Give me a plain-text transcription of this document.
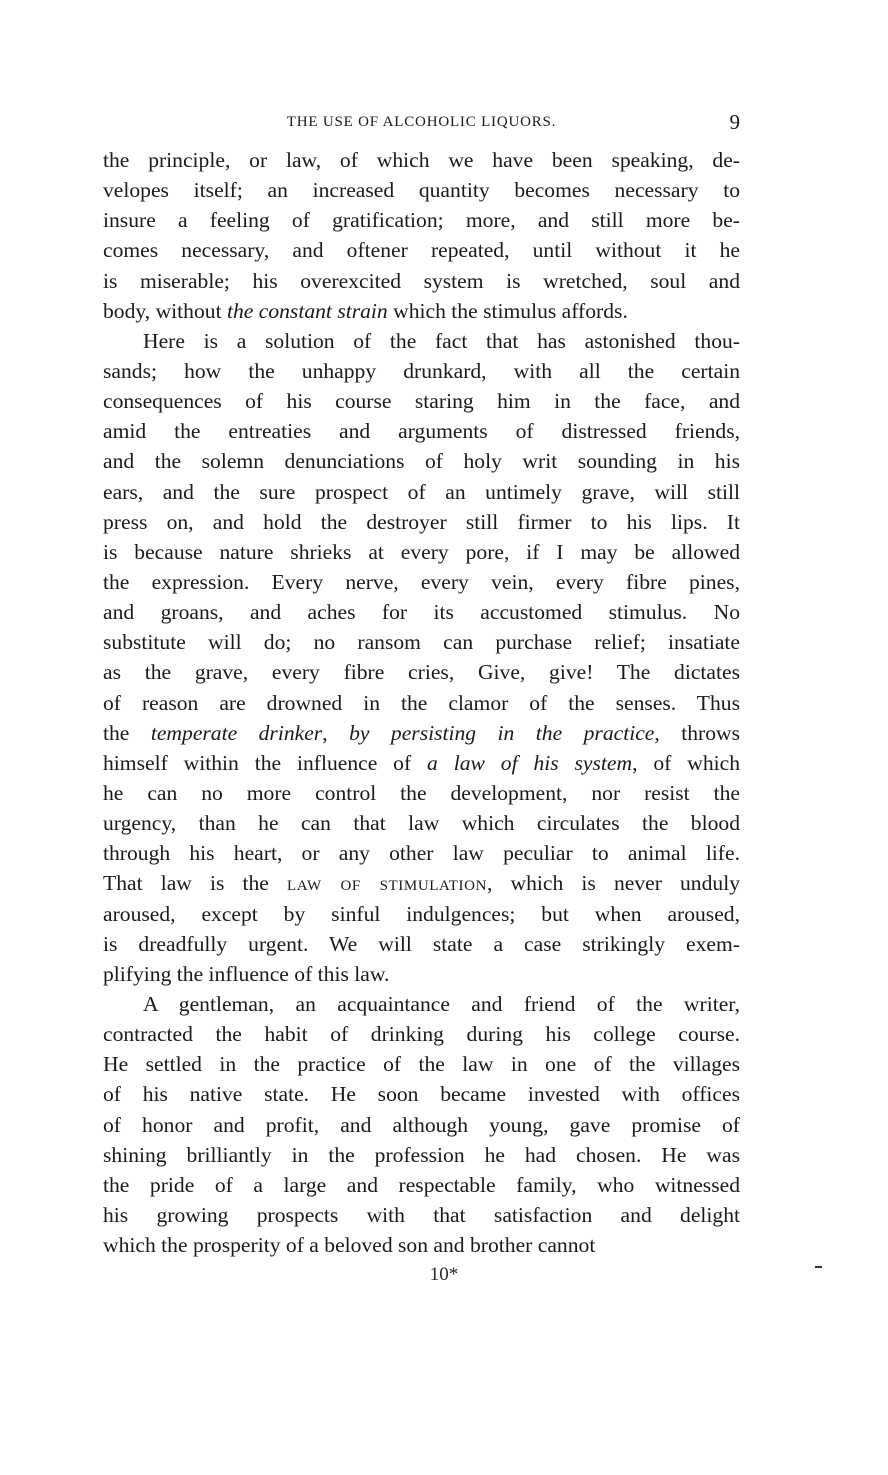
THE USE OF ALCOHOLIC LIQUORS.	9
the principle, or law, of which we have been speaking, de-
velopes itself; an increased quantity becomes necessary to
insure a feeling of gratification; more, and still more be-
comes necessary, and oftener repeated, until without it he
is miserable; his overexcited system is wretched, soul and
body, without the constant strain which the stimulus affords.
Here is a solution of the fact that has astonished thou-
sands; how the unhappy drunkard, with all the certain
consequences of his course staring him in the face, and
amid the entreaties and arguments of distressed friends,
and the solemn denunciations of holy writ sounding in his
ears, and the sure prospect of an untimely grave, will still
press on, and hold the destroyer still firmer to his lips. It
is because nature shrieks at every pore, if I may be allowed
the expression. Every nerve, every vein, every fibre pines,
and groans, and aches for its accustomed stimulus. No
substitute will do; no ransom can purchase relief; insatiate
as the grave, every fibre cries, Give, give! The dictates
of reason are drowned in the clamor of the senses. Thus
the temperate drinker, by persisting in the practice, throws
himself within the influence of a law of his system, of which
he can no more control the development, nor resist the
urgency, than he can that law which circulates the blood
through his heart, or any other law peculiar to animal life.
That law is the law of stimulation, which is never unduly
aroused, except by sinful indulgences; but when aroused,
is dreadfully urgent. We will state a case strikingly exem-
plifying the influence of this law.
A gentleman, an acquaintance and friend of the writer,
contracted the habit of drinking during his college course.
He settled in the practice of the law in one of the villages
of his native state. He soon became invested with offices
of honor and profit, and although young, gave promise of
shining brilliantly in the profession he had chosen. He was
the pride of a large and respectable family, who witnessed
his growing prospects with that satisfaction and delight
which the prosperity of a beloved son and brother cannot
10*
